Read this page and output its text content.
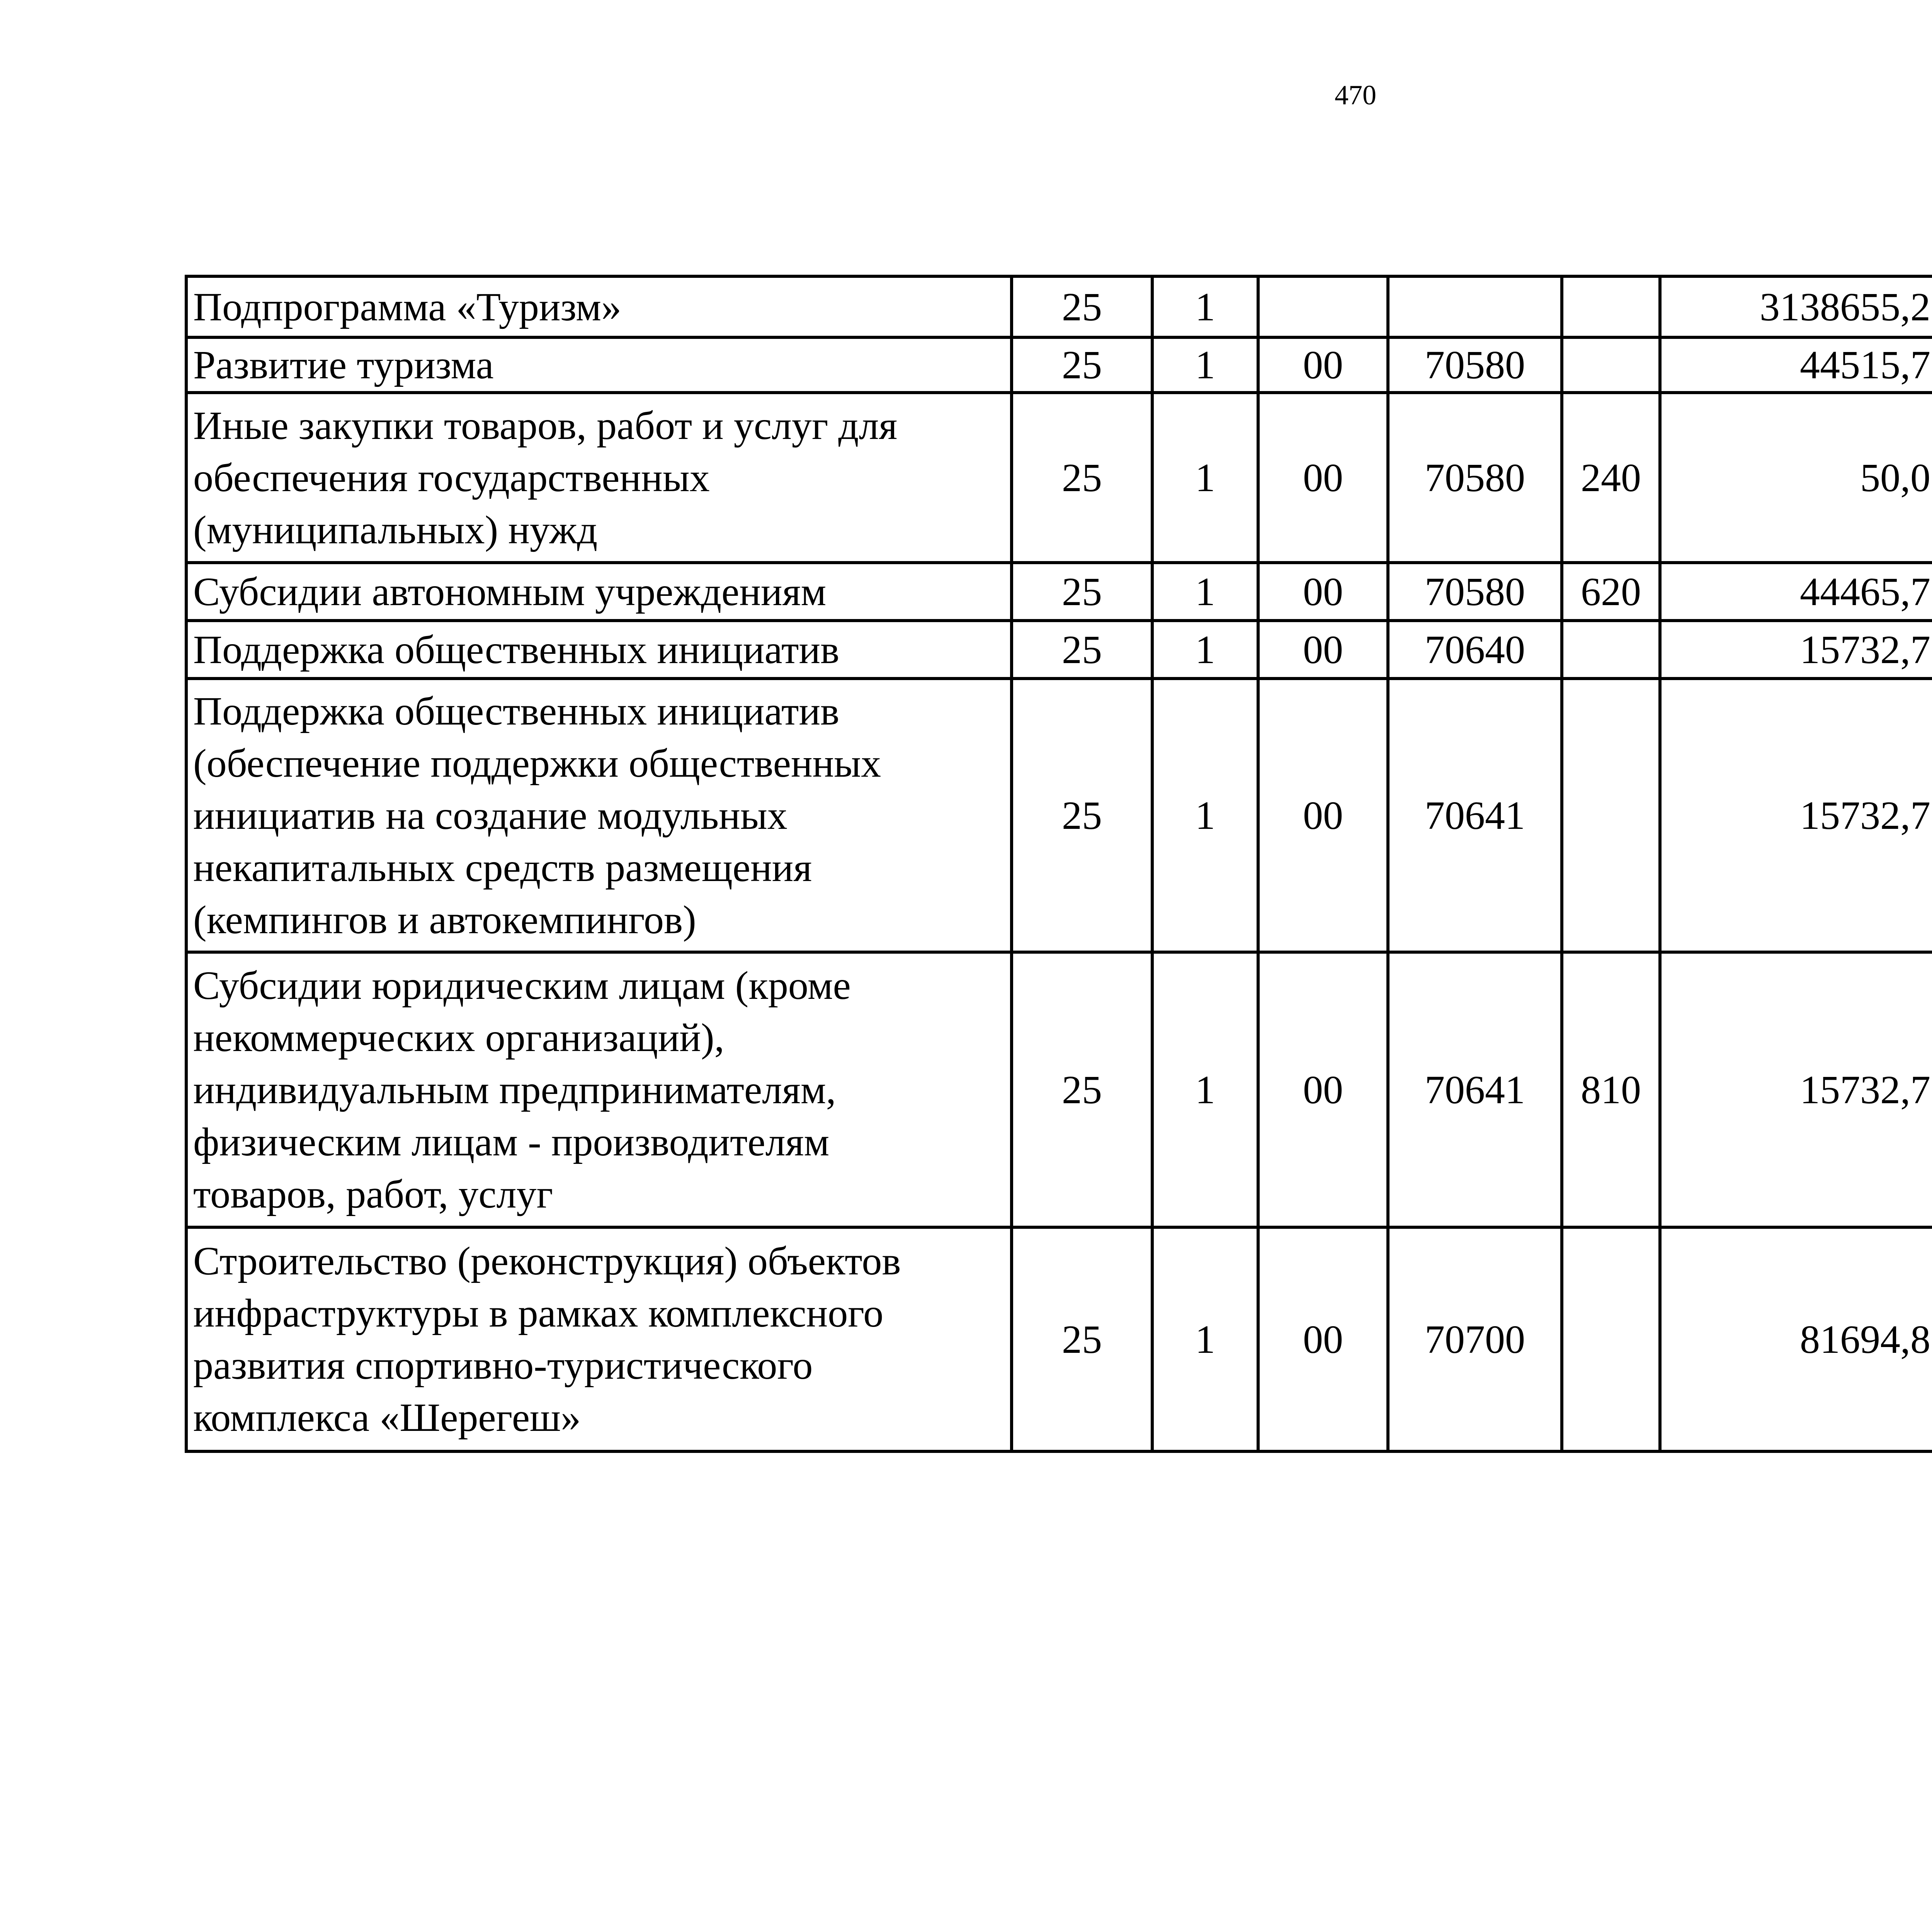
470
Подпрограмма «Туризм»	25	1				3138655,2		

Развитие туризма	25	1	00	70580		44515,7		

Иные закупки товаров, работ и услуг для
обеспечения государственных
(муниципальных) нужд	25	1	00	70580	240	50,0		

Субсидии автономным учреждениям	25	1	00	70580	620	44465,7		

Поддержка общественных инициатив	25	1	00	70640		15732,7		

Поддержка общественных инициатив
(обеспечение поддержки общественных
инициатив на создание модульных
некапитальных средств размещения
(кемпингов и автокемпингов)	25	1	00	70641		15732,7		

Субсидии юридическим лицам (кроме
некоммерческих организаций),
индивидуальным предпринимателям,
физическим лицам - производителям
товаров, работ, услуг	25	1	00	70641	810	15732,7		

Строительство (реконструкция) объектов
инфраструктуры в рамках комплексного
развития спортивно-туристического
комплекса «Шерегеш»	25	1	00	70700		81694,8		
